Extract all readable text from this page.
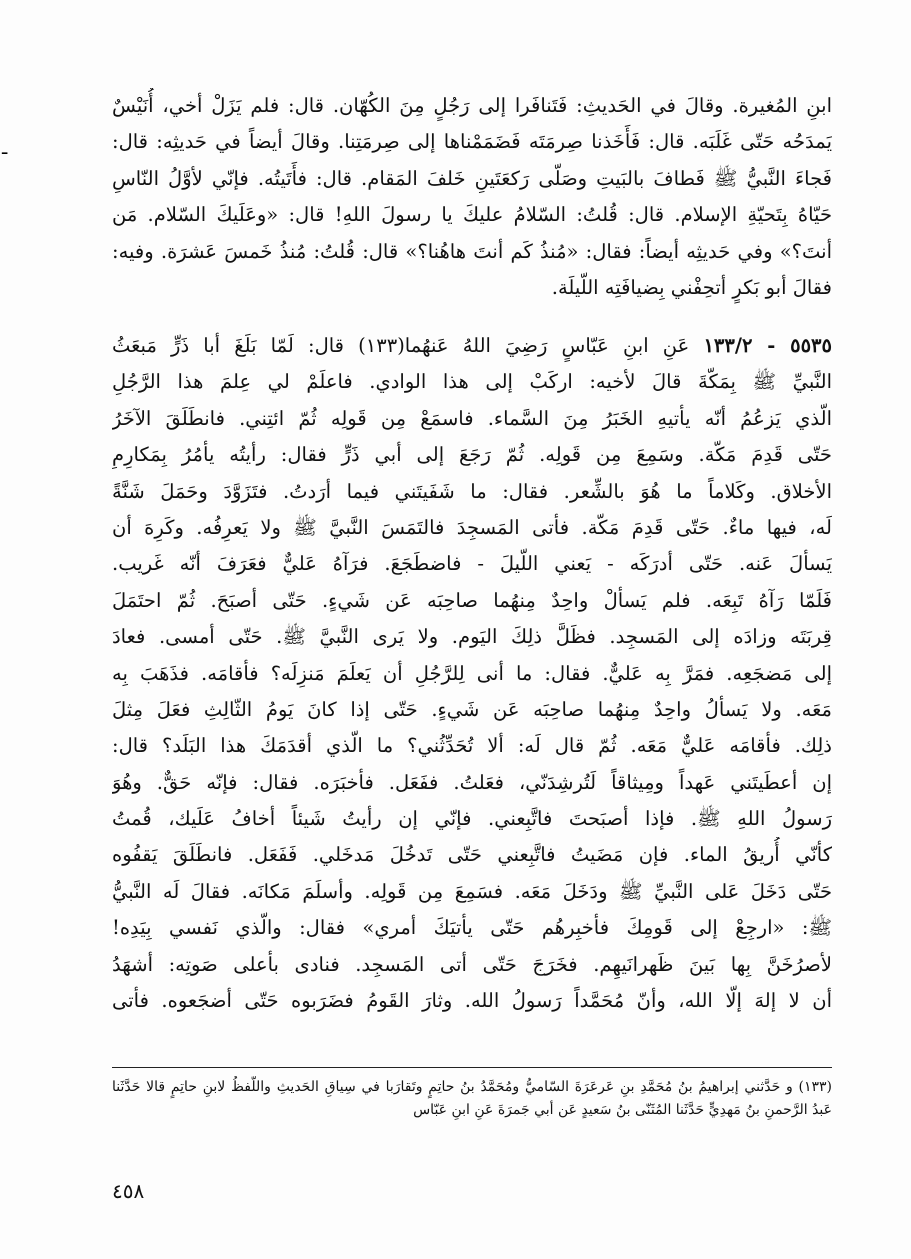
ـ
ابنِ المُغيرة. وقالَ في الحَديثِ: فَتَنافَرا إلى رَجُلٍ مِنَ الكُهّان. قال: فلم يَزَلْ أخي، أُنَيْسٌ
يَمدَحُه حَتّى غَلَبَه. قال: فَأَخَذنا صِرمَتَه فَضَمَمْناها إلى صِرمَتِنا. وقالَ أيضاً في حَديثِه: قال:
فَجاءَ النَّبيُّ ﷺ فَطافَ بالبَيتِ وصَلّى رَكعَتَينِ خَلفَ المَقام. قال: فأَتَيتُه. فإنّي لأوَّلُ النّاسِ
حَيّاهُ بِتَحيّةِ الإسلام. قال: قُلتُ: السّلامُ عليكَ يا رسولَ اللهِ! قال: «وعَلَيكَ السّلام. مَن
أنتَ؟» وفي حَديثِه أيضاً: فقال: «مُنذُ كَم أنتَ هاهُنا؟» قال: قُلتُ: مُنذُ خَمسَ عَشرَة. وفيه:
فقالَ أبو بَكرٍ أتحِفْني بِضيافَتِه اللّيلَة.
٥٥٣٥ - ١٣٣/٢ عَنِ ابنِ عَبّاسٍ رَضِيَ اللهُ عَنهُما(١٣٣) قال: لَمّا بَلَغَ أبا ذَرٍّ مَبعَثُ
النَّبيِّ ﷺ بِمَكّةَ قالَ لأخيه: اركَبْ إلى هذا الوادي. فاعلَمْ لي عِلمَ هذا الرَّجُلِ
الّذي يَزعُمُ أنّه يأتيهِ الخَبَرُ مِنَ السَّماء. فاسمَعْ مِن قَولِه ثُمّ ائتِني. فانطَلَقَ الآخَرُ
حَتّى قَدِمَ مَكّة. وسَمِعَ مِن قَولِه. ثُمّ رَجَعَ إلى أبي ذَرٍّ فقال: رأيتُه يأمُرُ بِمَكارِمِ
الأخلاق. وكَلاماً ما هُوَ بالشِّعر. فقال: ما شَفَيتَني فيما أرَدتُ. فتَزَوَّدَ وحَمَلَ شَنَّةً
لَه، فيها ماءٌ. حَتّى قَدِمَ مَكّة. فأتى المَسجِدَ فالتَمَسَ النَّبيَّ ﷺ ولا يَعرِفُه. وكَرِهَ أن
يَسألَ عَنه. حَتّى أدرَكَه - يَعني اللّيلَ - فاضطَجَعَ. فرَآهُ عَليٌّ فعَرَفَ أنّه غَريب.
فَلَمّا رَآهُ تَبِعَه. فلم يَسألْ واحِدٌ مِنهُما صاحِبَه عَن شَيءٍ. حَتّى أصبَحَ. ثُمّ احتَمَلَ
قِربَتَه وزادَه إلى المَسجِد. فظَلَّ ذلِكَ اليَوم. ولا يَرى النَّبيَّ ﷺ. حَتّى أمسى. فعادَ
إلى مَضجَعِه. فمَرَّ بِه عَليٌّ. فقال: ما أنى لِلرَّجُلِ أن يَعلَمَ مَنزِلَه؟ فأقامَه. فذَهَبَ بِه
مَعَه. ولا يَسألُ واحِدٌ مِنهُما صاحِبَه عَن شَيءٍ. حَتّى إذا كانَ يَومُ الثّالِثِ فعَلَ مِثلَ
ذلِك. فأقامَه عَليٌّ مَعَه. ثُمّ قال لَه: ألا تُحَدِّثُني؟ ما الّذي أقدَمَكَ هذا البَلَد؟ قال:
إن أعطَيتَني عَهداً ومِيثاقاً لَتُرشِدَنّي، فعَلتُ. ففَعَل. فأخبَرَه. فقال: فإنّه حَقٌّ. وهُوَ
رَسولُ اللهِ ﷺ. فإذا أصبَحتَ فاتَّبِعني. فإنّي إن رأيتُ شَيئاً أخافُ عَلَيك، قُمتُ
كأنّي أُريقُ الماء. فإن مَضَيتُ فاتَّبِعني حَتّى تَدخُلَ مَدخَلي. فَفَعَل. فانطَلَقَ يَقفُوه
حَتّى دَخَلَ عَلى النَّبيِّ ﷺ ودَخَلَ مَعَه. فسَمِعَ مِن قَولِه. وأسلَمَ مَكانَه. فقالَ لَه النَّبيُّ
ﷺ: «ارجِعْ إلى قَومِكَ فأخبِرهُم حَتّى يأتيَكَ أمري» فقال: والّذي نَفسي بِيَدِه!
لأصرُخَنَّ بِها بَينَ ظَهرانَيهِم. فخَرَجَ حَتّى أتى المَسجِد. فنادى بأعلى صَوتِه: أشهَدُ
أن لا إلهَ إلّا الله، وأنّ مُحَمَّداً رَسولُ الله. وثارَ القَومُ فضَرَبوه حَتّى أضجَعوه. فأتى
(١٣٣) و حَدَّثني إبراهيمُ بنُ مُحَمَّدِ بنِ عَرعَرَةَ السّاميُّ ومُحَمَّدُ بنُ حاتِمٍ وتَقارَبا في سِياقِ الحَديثِ واللّفظُ لابنِ حاتِمٍ قالا حَدَّثَنا
عَبدُ الرَّحمنِ بنُ مَهدِيٍّ حَدَّثَنا المُثَنّى بنُ سَعيدٍ عَن أبي جَمرَةَ عَنِ ابنِ عَبّاس
٤٥٨
